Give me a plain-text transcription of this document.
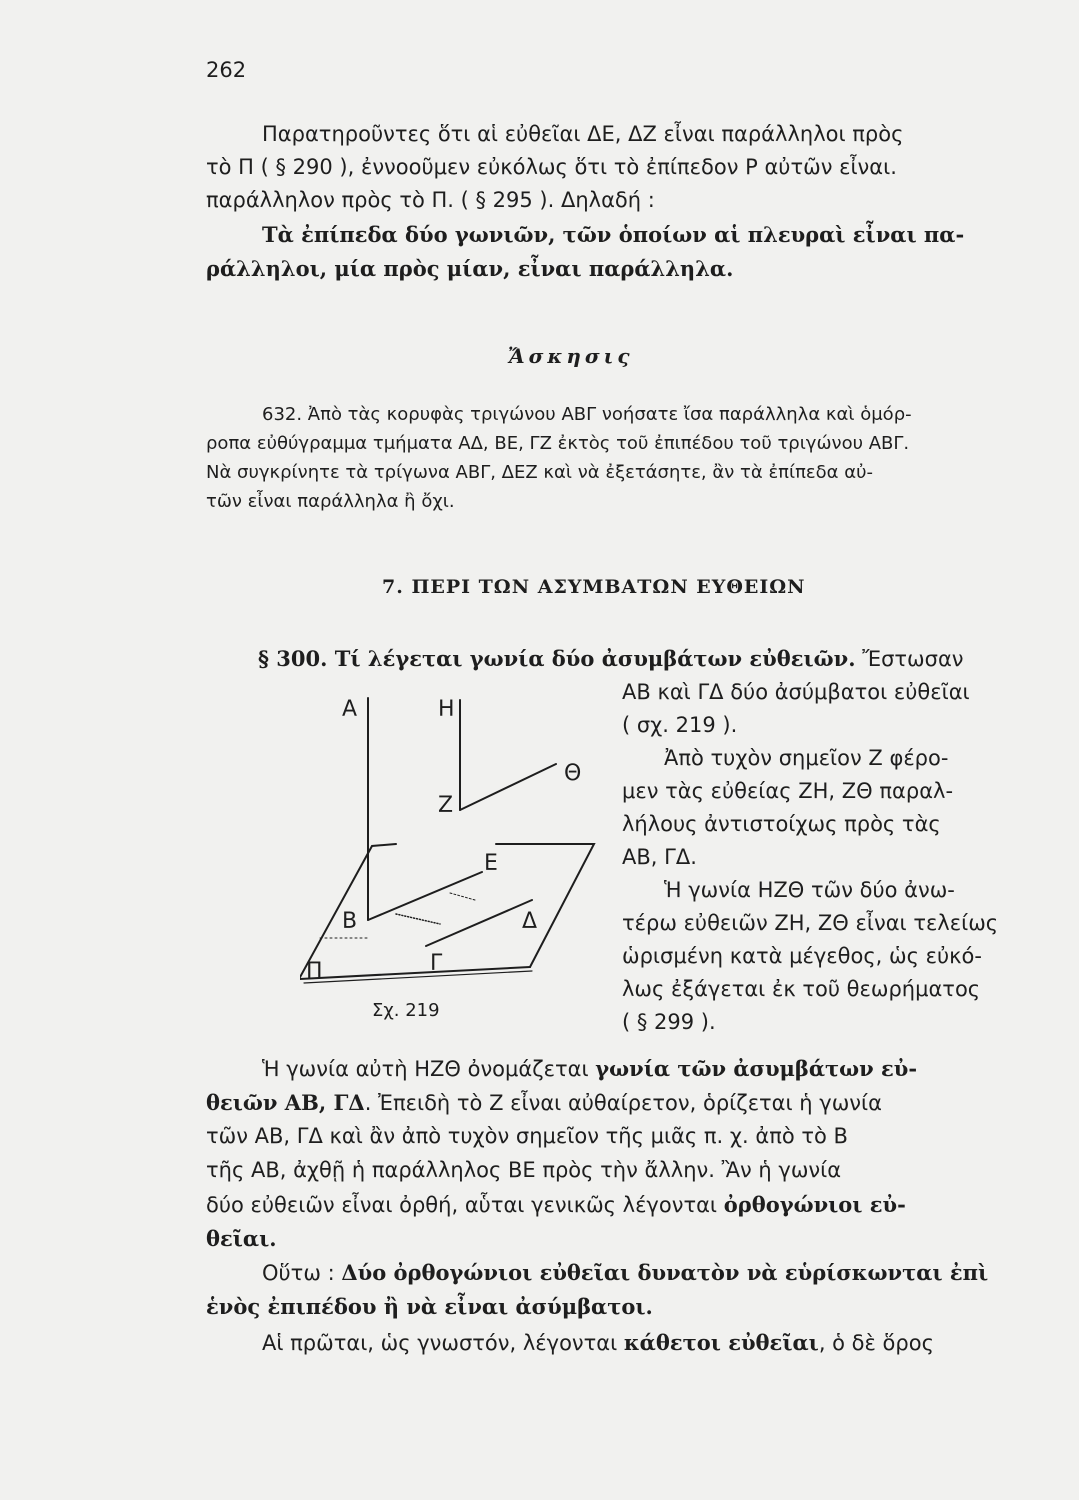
262
Παρατηροῦντες ὅτι αἱ εὐθεῖαι ΔΕ, ΔΖ εἶναι παράλληλοι πρὸς
τὸ Π ( § 290 ), ἐννοοῦμεν εὐκόλως ὅτι τὸ ἐπίπεδον Ρ αὐτῶν εἶναι.
παράλληλον πρὸς τὸ Π. ( § 295 ). Δηλαδή :
Τὰ ἐπίπεδα δύο γωνιῶν, τῶν ὁποίων αἱ πλευραὶ εἶναι πα-
ράλληλοι, μία πρὸς μίαν, εἶναι παράλληλα.
Ἄσκησις
632. Ἀπὸ τὰς κορυφὰς τριγώνου ΑΒΓ νοήσατε ἴσα παράλληλα καὶ ὁμόρ-
ροπα εὐθύγραμμα τμήματα ΑΔ, ΒΕ, ΓΖ ἐκτὸς τοῦ ἐπιπέδου τοῦ τριγώνου ΑΒΓ.
Νὰ συγκρίνητε τὰ τρίγωνα ΑΒΓ, ΔΕΖ καὶ νὰ ἐξετάσητε, ἂν τὰ ἐπίπεδα αὐ-
τῶν εἶναι παράλληλα ἢ ὄχι.
7. ΠΕΡΙ ΤΩΝ ΑΣΥΜΒΑΤΩΝ ΕΥΘΕΙΩΝ
§ 300. Τί λέγεται γωνία δύο ἀσυμβάτων εὐθειῶν. Ἔστωσαν
ΑΒ καὶ ΓΔ δύο ἀσύμβατοι εὐθεῖαι
( σχ. 219 ).
Ἀπὸ τυχὸν σημεῖον Ζ φέρο-
μεν τὰς εὐθείας ΖΗ, ΖΘ παραλ-
λήλους ἀντιστοίχως πρὸς τὰς
ΑΒ, ΓΔ.
Ἡ γωνία ΗΖΘ τῶν δύο ἀνω-
τέρω εὐθειῶν ΖΗ, ΖΘ εἶναι τελείως
ὡρισμένη κατὰ μέγεθος, ὡς εὐκό-
λως ἐξάγεται ἐκ τοῦ θεωρήματος
( § 299 ).
Α	Η
Ζ
Θ
Ε
Β	Δ
Γ
Π
Σχ. 219
Ἡ γωνία αὐτὴ ΗΖΘ ὀνομάζεται γωνία τῶν ἀσυμβάτων εὐ-
θειῶν ΑΒ, ΓΔ. Ἐπειδὴ τὸ Ζ εἶναι αὐθαίρετον, ὁρίζεται ἡ γωνία
τῶν ΑΒ, ΓΔ καὶ ἂν ἀπὸ τυχὸν σημεῖον τῆς μιᾶς π. χ. ἀπὸ τὸ Β
τῆς ΑΒ, ἀχθῇ ἡ παράλληλος ΒΕ πρὸς τὴν ἄλλην. Ἂν ἡ γωνία
δύο εὐθειῶν εἶναι ὀρθή, αὗται γενικῶς λέγονται ὀρθογώνιοι εὐ-
θεῖαι.
Οὕτω : Δύο ὀρθογώνιοι εὐθεῖαι δυνατὸν νὰ εὑρίσκωνται ἐπὶ
ἑνὸς ἐπιπέδου ἢ νὰ εἶναι ἀσύμβατοι.
Αἱ πρῶται, ὡς γνωστόν, λέγονται κάθετοι εὐθεῖαι, ὁ δὲ ὅρος
